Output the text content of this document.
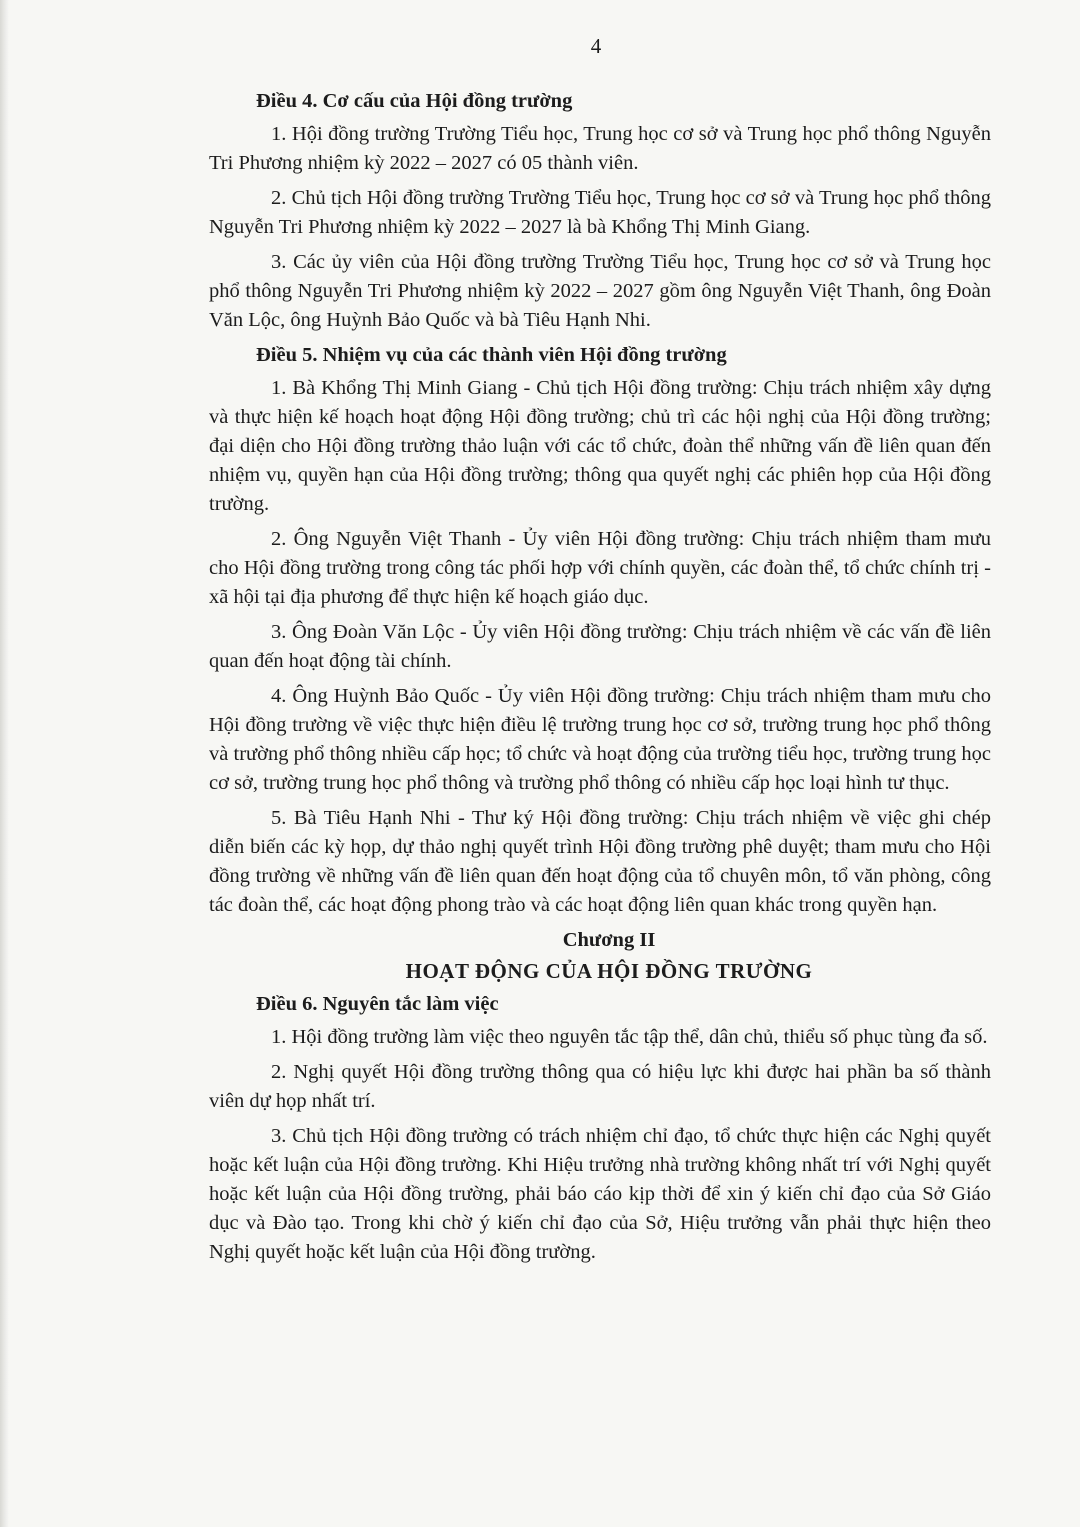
4

Điều 4. Cơ cấu của Hội đồng trường

1. Hội đồng trường Trường Tiểu học, Trung học cơ sở và Trung học phổ thông Nguyễn Tri Phương nhiệm kỳ 2022 – 2027 có 05 thành viên.

2. Chủ tịch Hội đồng trường Trường Tiểu học, Trung học cơ sở và Trung học phổ thông Nguyễn Tri Phương nhiệm kỳ 2022 – 2027 là bà Khổng Thị Minh Giang.

3. Các ủy viên của Hội đồng trường Trường Tiểu học, Trung học cơ sở và Trung học phổ thông Nguyễn Tri Phương nhiệm kỳ 2022 – 2027 gồm ông Nguyễn Việt Thanh, ông Đoàn Văn Lộc, ông Huỳnh Bảo Quốc và bà Tiêu Hạnh Nhi.

Điều 5. Nhiệm vụ của các thành viên Hội đồng trường

1. Bà Khổng Thị Minh Giang - Chủ tịch Hội đồng trường: Chịu trách nhiệm xây dựng và thực hiện kế hoạch hoạt động Hội đồng trường; chủ trì các hội nghị của Hội đồng trường; đại diện cho Hội đồng trường thảo luận với các tổ chức, đoàn thể những vấn đề liên quan đến nhiệm vụ, quyền hạn của Hội đồng trường; thông qua quyết nghị các phiên họp của Hội đồng trường.

2. Ông Nguyễn Việt Thanh - Ủy viên Hội đồng trường: Chịu trách nhiệm tham mưu cho Hội đồng trường trong công tác phối hợp với chính quyền, các đoàn thể, tổ chức chính trị - xã hội tại địa phương để thực hiện kế hoạch giáo dục.

3. Ông Đoàn Văn Lộc - Ủy viên Hội đồng trường: Chịu trách nhiệm về các vấn đề liên quan đến hoạt động tài chính.

4. Ông Huỳnh Bảo Quốc - Ủy viên Hội đồng trường: Chịu trách nhiệm tham mưu cho Hội đồng trường về việc thực hiện điều lệ trường trung học cơ sở, trường trung học phổ thông và trường phổ thông nhiều cấp học; tổ chức và hoạt động của trường tiểu học, trường trung học cơ sở, trường trung học phổ thông và trường phổ thông có nhiều cấp học loại hình tư thục.

5. Bà Tiêu Hạnh Nhi - Thư ký Hội đồng trường: Chịu trách nhiệm về việc ghi chép diễn biến các kỳ họp, dự thảo nghị quyết trình Hội đồng trường phê duyệt; tham mưu cho Hội đồng trường về những vấn đề liên quan đến hoạt động của tổ chuyên môn, tổ văn phòng, công tác đoàn thể, các hoạt động phong trào và các hoạt động liên quan khác trong quyền hạn.

Chương II

HOẠT ĐỘNG CỦA HỘI ĐỒNG TRƯỜNG

Điều 6. Nguyên tắc làm việc

1. Hội đồng trường làm việc theo nguyên tắc tập thể, dân chủ, thiểu số phục tùng đa số.

2. Nghị quyết Hội đồng trường thông qua có hiệu lực khi được hai phần ba số thành viên dự họp nhất trí.

3. Chủ tịch Hội đồng trường có trách nhiệm chỉ đạo, tổ chức thực hiện các Nghị quyết hoặc kết luận của Hội đồng trường. Khi Hiệu trưởng nhà trường không nhất trí với Nghị quyết hoặc kết luận của Hội đồng trường, phải báo cáo kịp thời để xin ý kiến chỉ đạo của Sở Giáo dục và Đào tạo. Trong khi chờ ý kiến chỉ đạo của Sở, Hiệu trưởng vẫn phải thực hiện theo Nghị quyết hoặc kết luận của Hội đồng trường.
